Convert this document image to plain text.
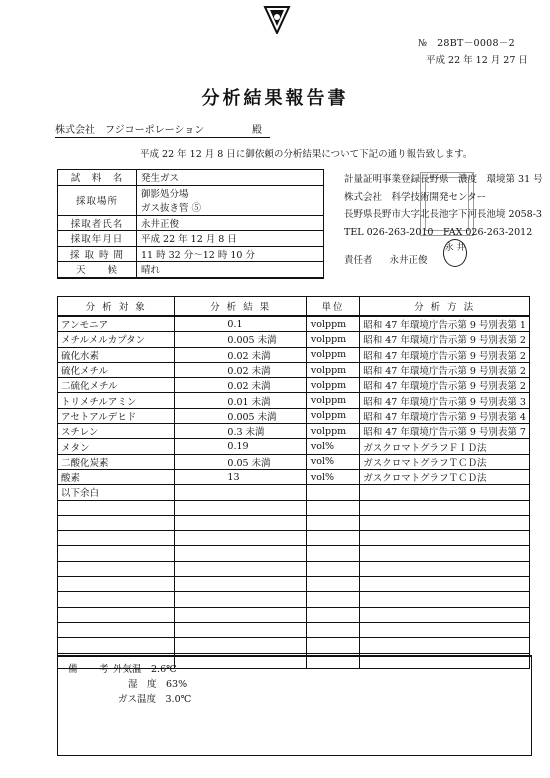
№　28BT－0008－2
平成 22 年 12 月 27 日
分析結果報告書
株式会社　フジコーポレーション	殿
平成 22 年 12 月 8 日に御依頼の分析結果について下記の通り報告致します。
試　料　名	発生ガス
採取場所	御影処分場
	ガス抜き管 ⑤
採取者氏名	永井正俊
採取年月日	平成 22 年 12 月 8 日
採 取 時 間	11 時 32 分～12 時 10 分
天　　候	晴れ
計量証明事業登録長野県　濃度　環境第 31 号
株式会社　科学技術開発センター
長野県長野市大字北長池字下河長池境 2058-3
TEL 026-263-2010　FAX 026-263-2012
責任者 永井正俊
永 井
分 析 対 象	分 析 結 果	単位	分 析 方 法
アンモニア	0.1	volppm	昭和 47 年環境庁告示第 9 号別表第 1
メチルメルカプタン	0.005 未満	volppm	昭和 47 年環境庁告示第 9 号別表第 2
硫化水素	0.02 未満	volppm	昭和 47 年環境庁告示第 9 号別表第 2
硫化メチル	0.02 未満	volppm	昭和 47 年環境庁告示第 9 号別表第 2
二硫化メチル	0.02 未満	volppm	昭和 47 年環境庁告示第 9 号別表第 2
トリメチルアミン	0.01 未満	volppm	昭和 47 年環境庁告示第 9 号別表第 3
アセトアルデヒド	0.005 未満	volppm	昭和 47 年環境庁告示第 9 号別表第 4
スチレン	0.3 未満	volppm	昭和 47 年環境庁告示第 9 号別表第 7
メタン	0.19	vol%	ガスクロマトグラフＦＩＤ法
二酸化炭素	0.05 未満	vol%	ガスクロマトグラフＴＣＤ法
酸素	13	vol%	ガスクロマトグラフＴＣＤ法
以下余白			

備　考
外気温　2.6℃
湿　度　63%
ガス温度　3.0℃
